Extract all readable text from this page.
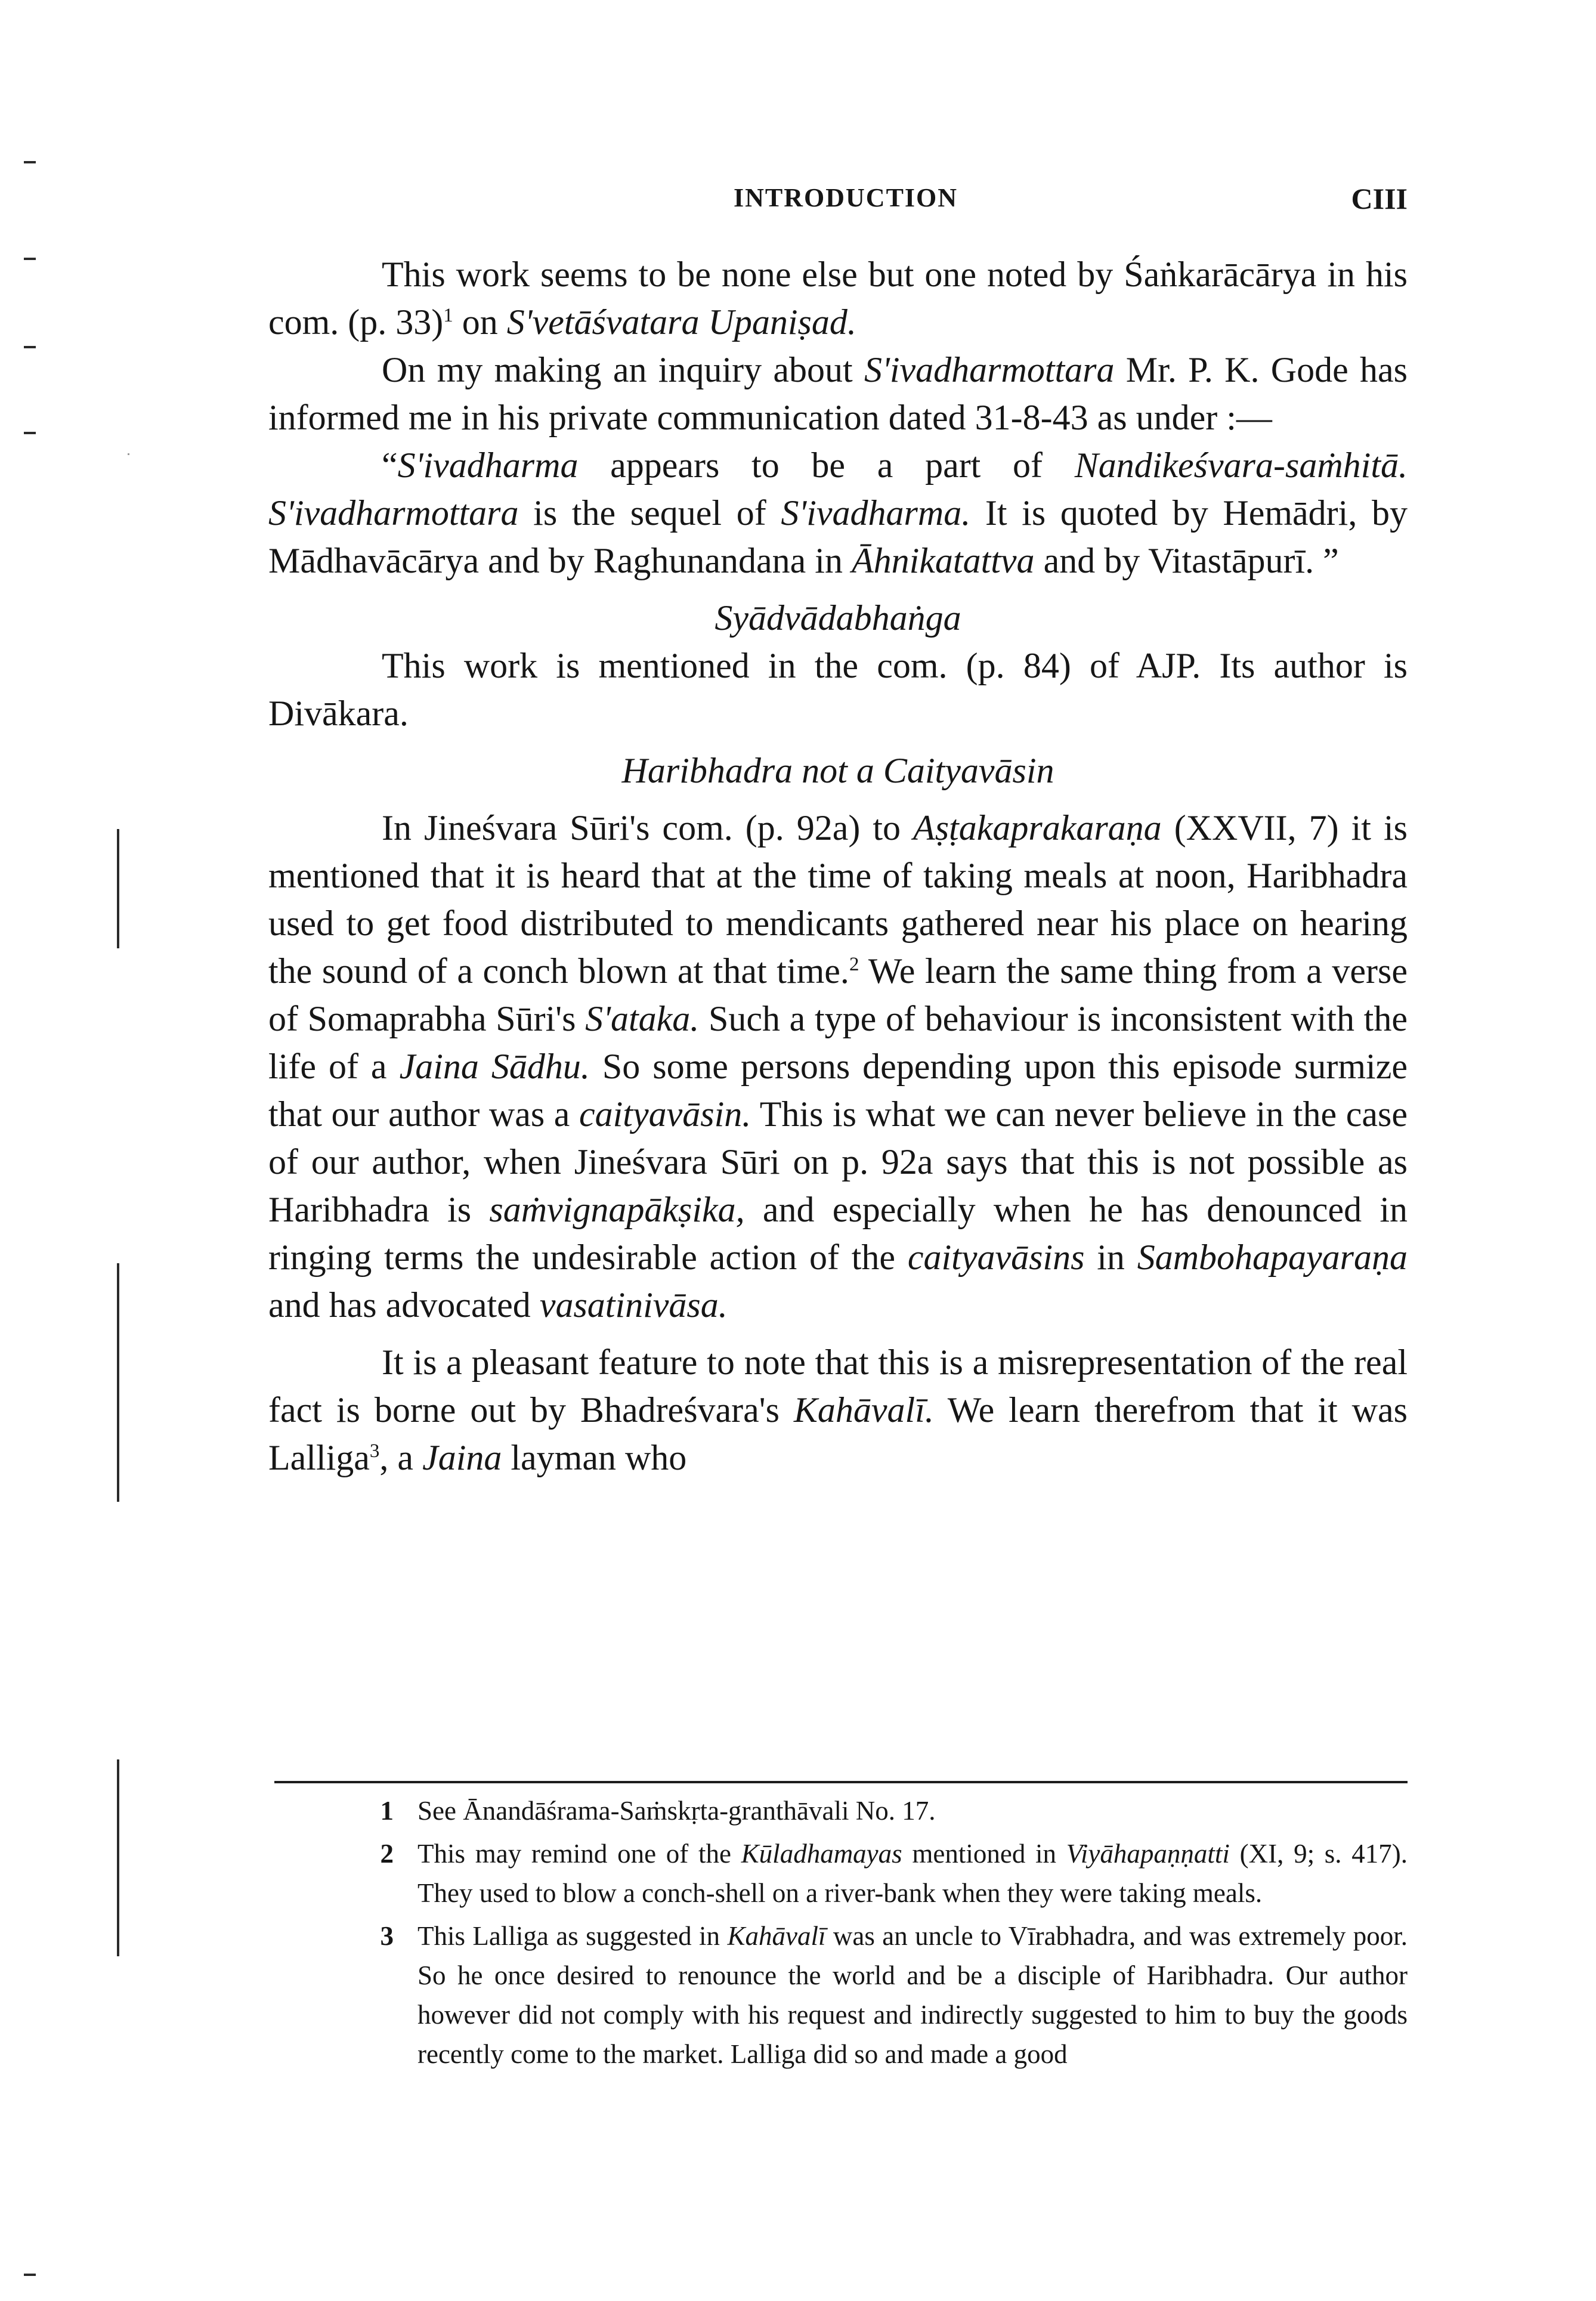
INTRODUCTION	CIII

This work seems to be none else but one noted by Śaṅkarācārya in his com. (p. 33)$^1$ on S'vetāśvatara Upaniṣad.

On my making an inquiry about S'ivadharmottara Mr. P. K. Gode has informed me in his private communication dated 31-8-43 as under :—

“S'ivadharma appears to be a part of Nandikeśvara-saṁhitā. S'ivadharmottara is the sequel of S'ivadharma. It is quoted by Hemādri, by Mādhavācārya and by Raghunandana in Āhnikatattva and by Vitastāpurī. ”

Syādvādabhaṅga

This work is mentioned in the com. (p. 84) of AJP. Its author is Divākara.

Haribhadra not a Caityavāsin

In Jineśvara Sūri's com. (p. 92a) to Aṣṭakaprakaraṇa (XXVII, 7) it is mentioned that it is heard that at the time of taking meals at noon, Haribhadra used to get food distributed to mendicants gathered near his place on hearing the sound of a conch blown at that time.$^2$ We learn the same thing from a verse of Somaprabha Sūri's S'ataka. Such a type of behaviour is inconsistent with the life of a Jaina Sādhu. So some persons depending upon this episode surmize that our author was a caityavāsin. This is what we can never believe in the case of our author, when Jineśvara Sūri on p. 92a says that this is not possible as Haribhadra is saṁvignapākṣika, and especially when he has denounced in ringing terms the undesirable action of the caityavāsins in Sambohapayaraṇa and has advocated vasatinivāsa.

It is a pleasant feature to note that this is a misrepresentation of the real fact is borne out by Bhadreśvara's Kahāvalī. We learn therefrom that it was Lalliga$^3$, a Jaina layman who

1 See Ānandāśrama-Saṁskṛta-granthāvali No. 17.

2 This may remind one of the Kūladhamayas mentioned in Viyāhapaṇṇatti (XI, 9; s. 417). They used to blow a conch-shell on a river-bank when they were taking meals.

3 This Lalliga as suggested in Kahāvalī was an uncle to Vīrabhadra, and was extremely poor. So he once desired to renounce the world and be a disciple of Haribhadra. Our author however did not comply with his request and indirectly suggested to him to buy the goods recently come to the market. Lalliga did so and made a good
